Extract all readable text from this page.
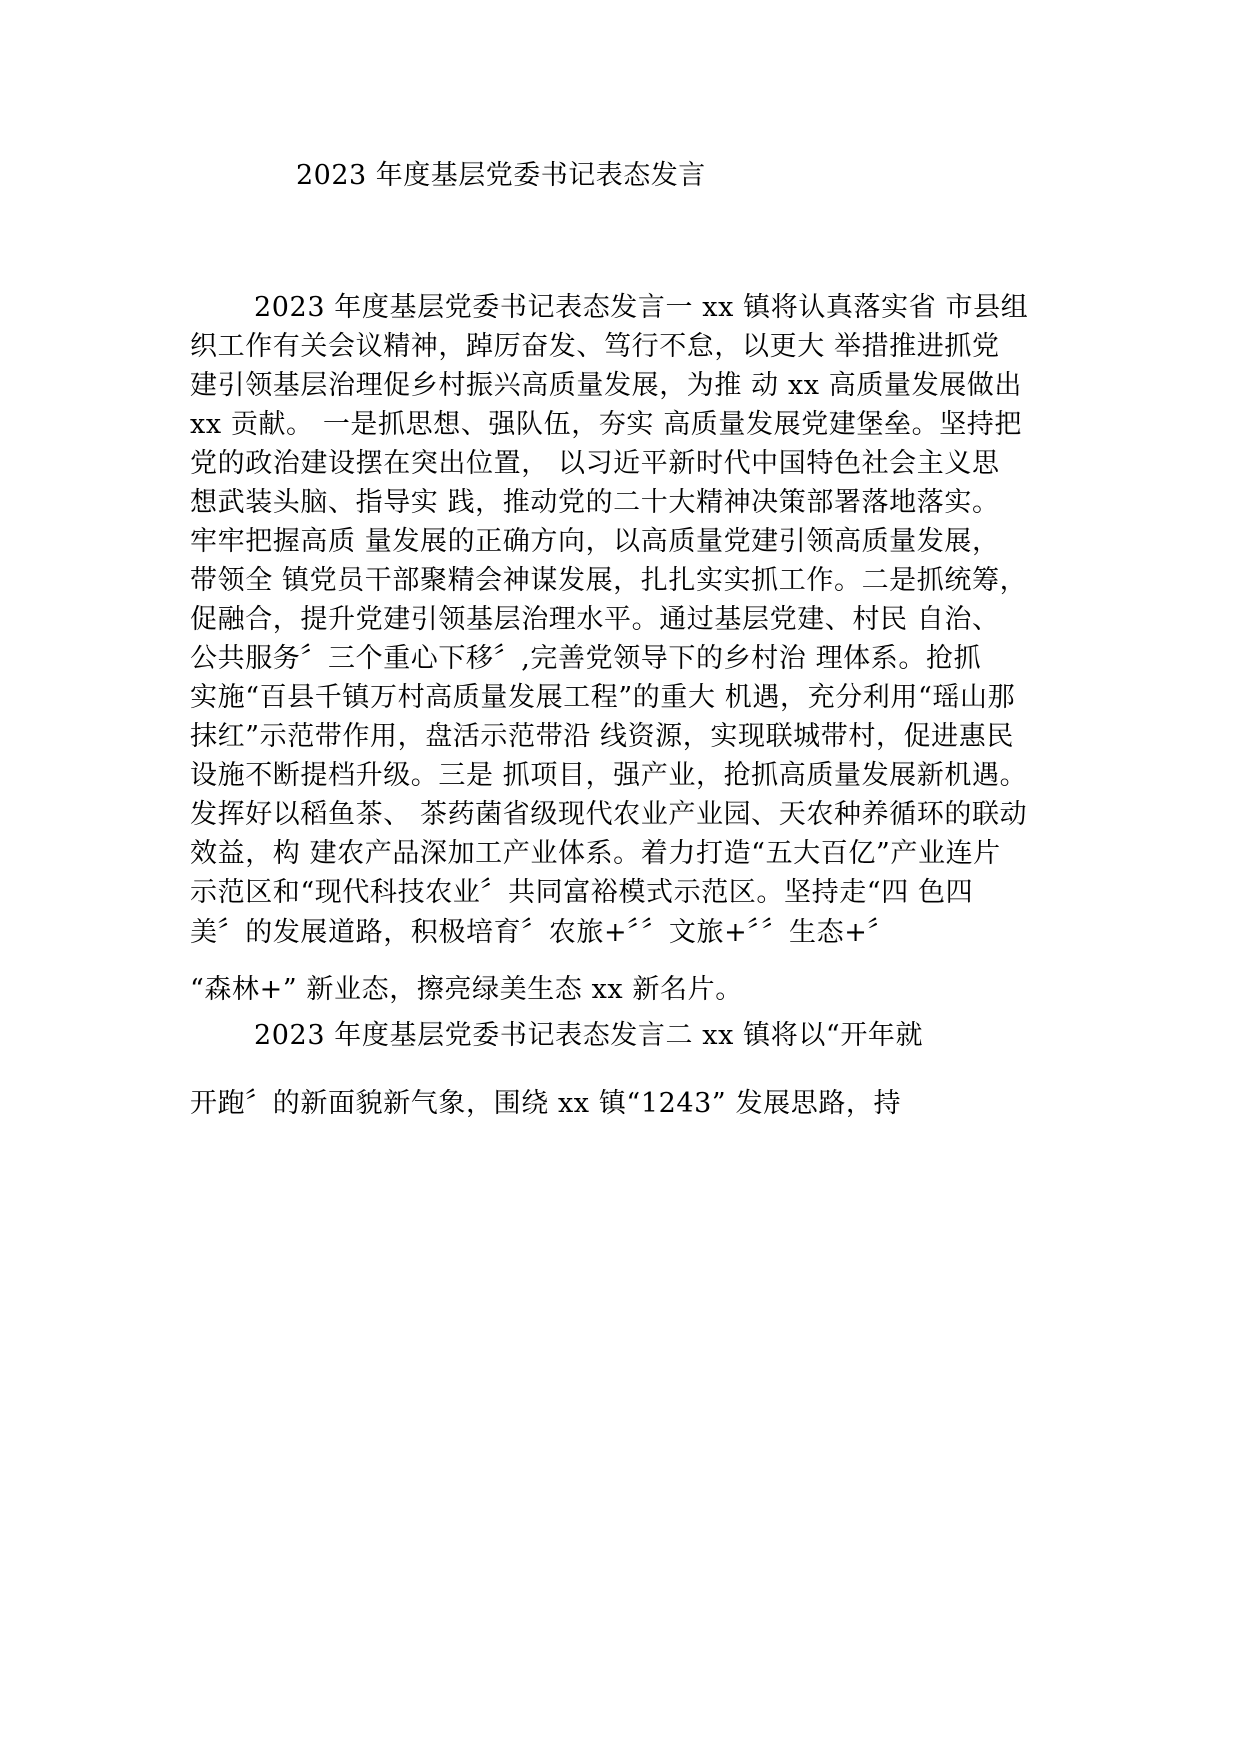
2023 年度基层党委书记表态发言
2023 年度基层党委书记表态发言一 xx 镇将认真落实省 市县组
织工作有关会议精神，踔厉奋发、笃行不怠，以更大 举措推进抓党
建引领基层治理促乡村振兴高质量发展，为推 动 xx 高质量发展做出
xx 贡献。 一是抓思想、强队伍，夯实 高质量发展党建堡垒。坚持把
党的政治建设摆在突出位置， 以习近平新时代中国特色社会主义思
想武装头脑、指导实 践，推动党的二十大精神决策部署落地落实。
牢牢把握高质 量发展的正确方向，以高质量党建引领高质量发展，
带领全 镇党员干部聚精会神谋发展，扎扎实实抓工作。二是抓统筹，
促融合，提升党建引领基层治理水平。通过基层党建、村民 自治、
公共服务〞三个重心下移〞,完善党领导下的乡村治 理体系。抢抓
实施“百县千镇万村高质量发展工程”的重大 机遇，充分利用“瑶山那
抹红”示范带作用，盘活示范带沿 线资源，实现联城带村，促进惠民
设施不断提档升级。三是 抓项目，强产业，抢抓高质量发展新机遇。
发挥好以稻鱼茶、 茶药菌省级现代农业产业园、天农种养循环的联动
效益，构 建农产品深加工产业体系。着力打造“五大百亿”产业连片
示范区和“现代科技农业〞共同富裕模式示范区。坚持走“四 色四
美〞的发展道路，积极培育〞农旅+〞〞文旅+〞〞生态+〞
“森林+” 新业态，擦亮绿美生态 xx 新名片。
2023 年度基层党委书记表态发言二 xx 镇将以“开年就
开跑〞的新面貌新气象，围绕 xx 镇“1243” 发展思路，持
